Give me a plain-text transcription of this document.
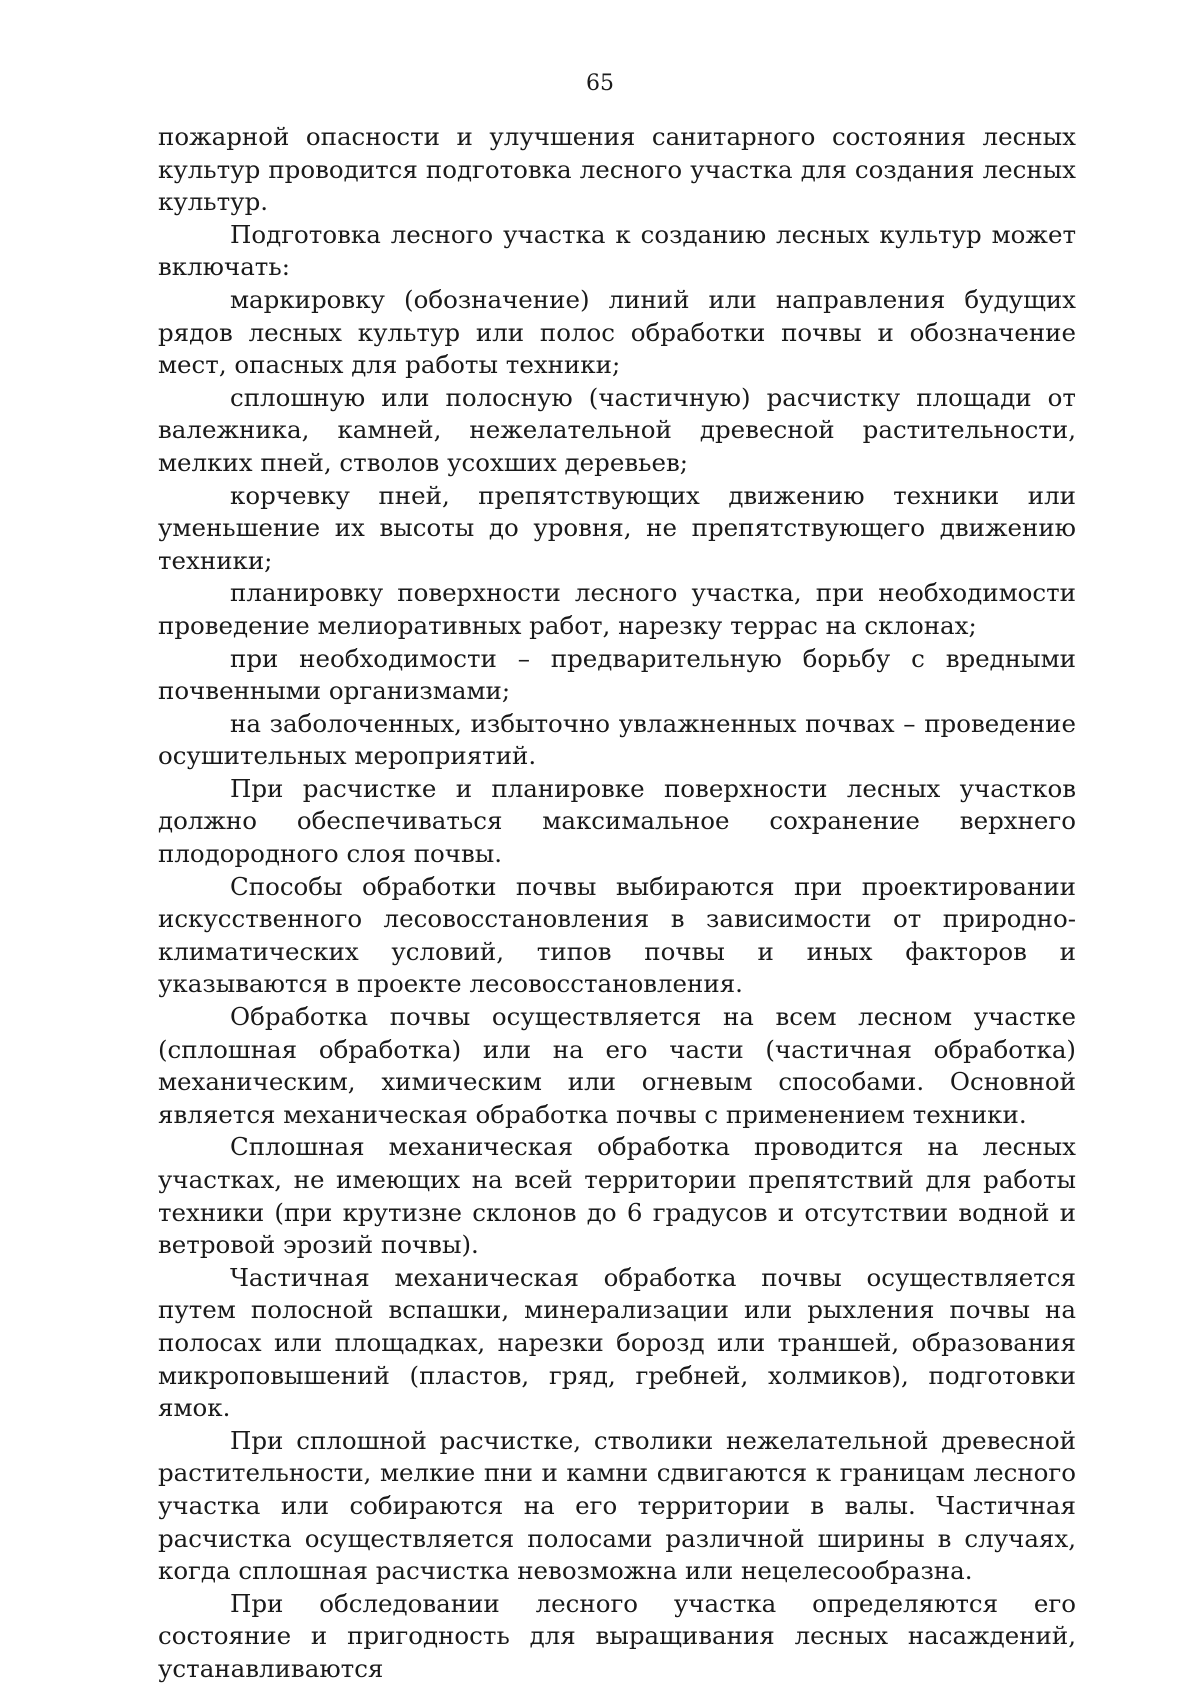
65

пожарной опасности и улучшения санитарного состояния лесных культур проводится подготовка лесного участка для создания лесных культур.

Подготовка лесного участка к созданию лесных культур может включать:

маркировку (обозначение) линий или направления будущих рядов лесных культур или полос обработки почвы и обозначение мест, опасных для работы техники;

сплошную или полосную (частичную) расчистку площади от валежника, камней, нежелательной древесной растительности, мелких пней, стволов усохших деревьев;

корчевку пней, препятствующих движению техники или уменьшение их высоты до уровня, не препятствующего движению техники;

планировку поверхности лесного участка, при необходимости проведение мелиоративных работ, нарезку террас на склонах;

при необходимости – предварительную борьбу с вредными почвенными организмами;

на заболоченных, избыточно увлажненных почвах – проведение осушительных мероприятий.

При расчистке и планировке поверхности лесных участков должно обеспечиваться максимальное сохранение верхнего плодородного слоя почвы.

Способы обработки почвы выбираются при проектировании искусственного лесовосстановления в зависимости от природно-климатических условий, типов почвы и иных факторов и указываются в проекте лесовосстановления.

Обработка почвы осуществляется на всем лесном участке (сплошная обработка) или на его части (частичная обработка) механическим, химическим или огневым способами. Основной является механическая обработка почвы с применением техники.

Сплошная механическая обработка проводится на лесных участках, не имеющих на всей территории препятствий для работы техники (при крутизне склонов до 6 градусов и отсутствии водной и ветровой эрозий почвы).

Частичная механическая обработка почвы осуществляется путем полосной вспашки, минерализации или рыхления почвы на полосах или площадках, нарезки борозд или траншей, образования микроповышений (пластов, гряд, гребней, холмиков), подготовки ямок.

При сплошной расчистке, стволики нежелательной древесной растительности, мелкие пни и камни сдвигаются к границам лесного участка или собираются на его территории в валы. Частичная расчистка осуществляется полосами различной ширины в случаях, когда сплошная расчистка невозможна или нецелесообразна.

При обследовании лесного участка определяются его состояние и пригодность для выращивания лесных насаждений, устанавливаются
